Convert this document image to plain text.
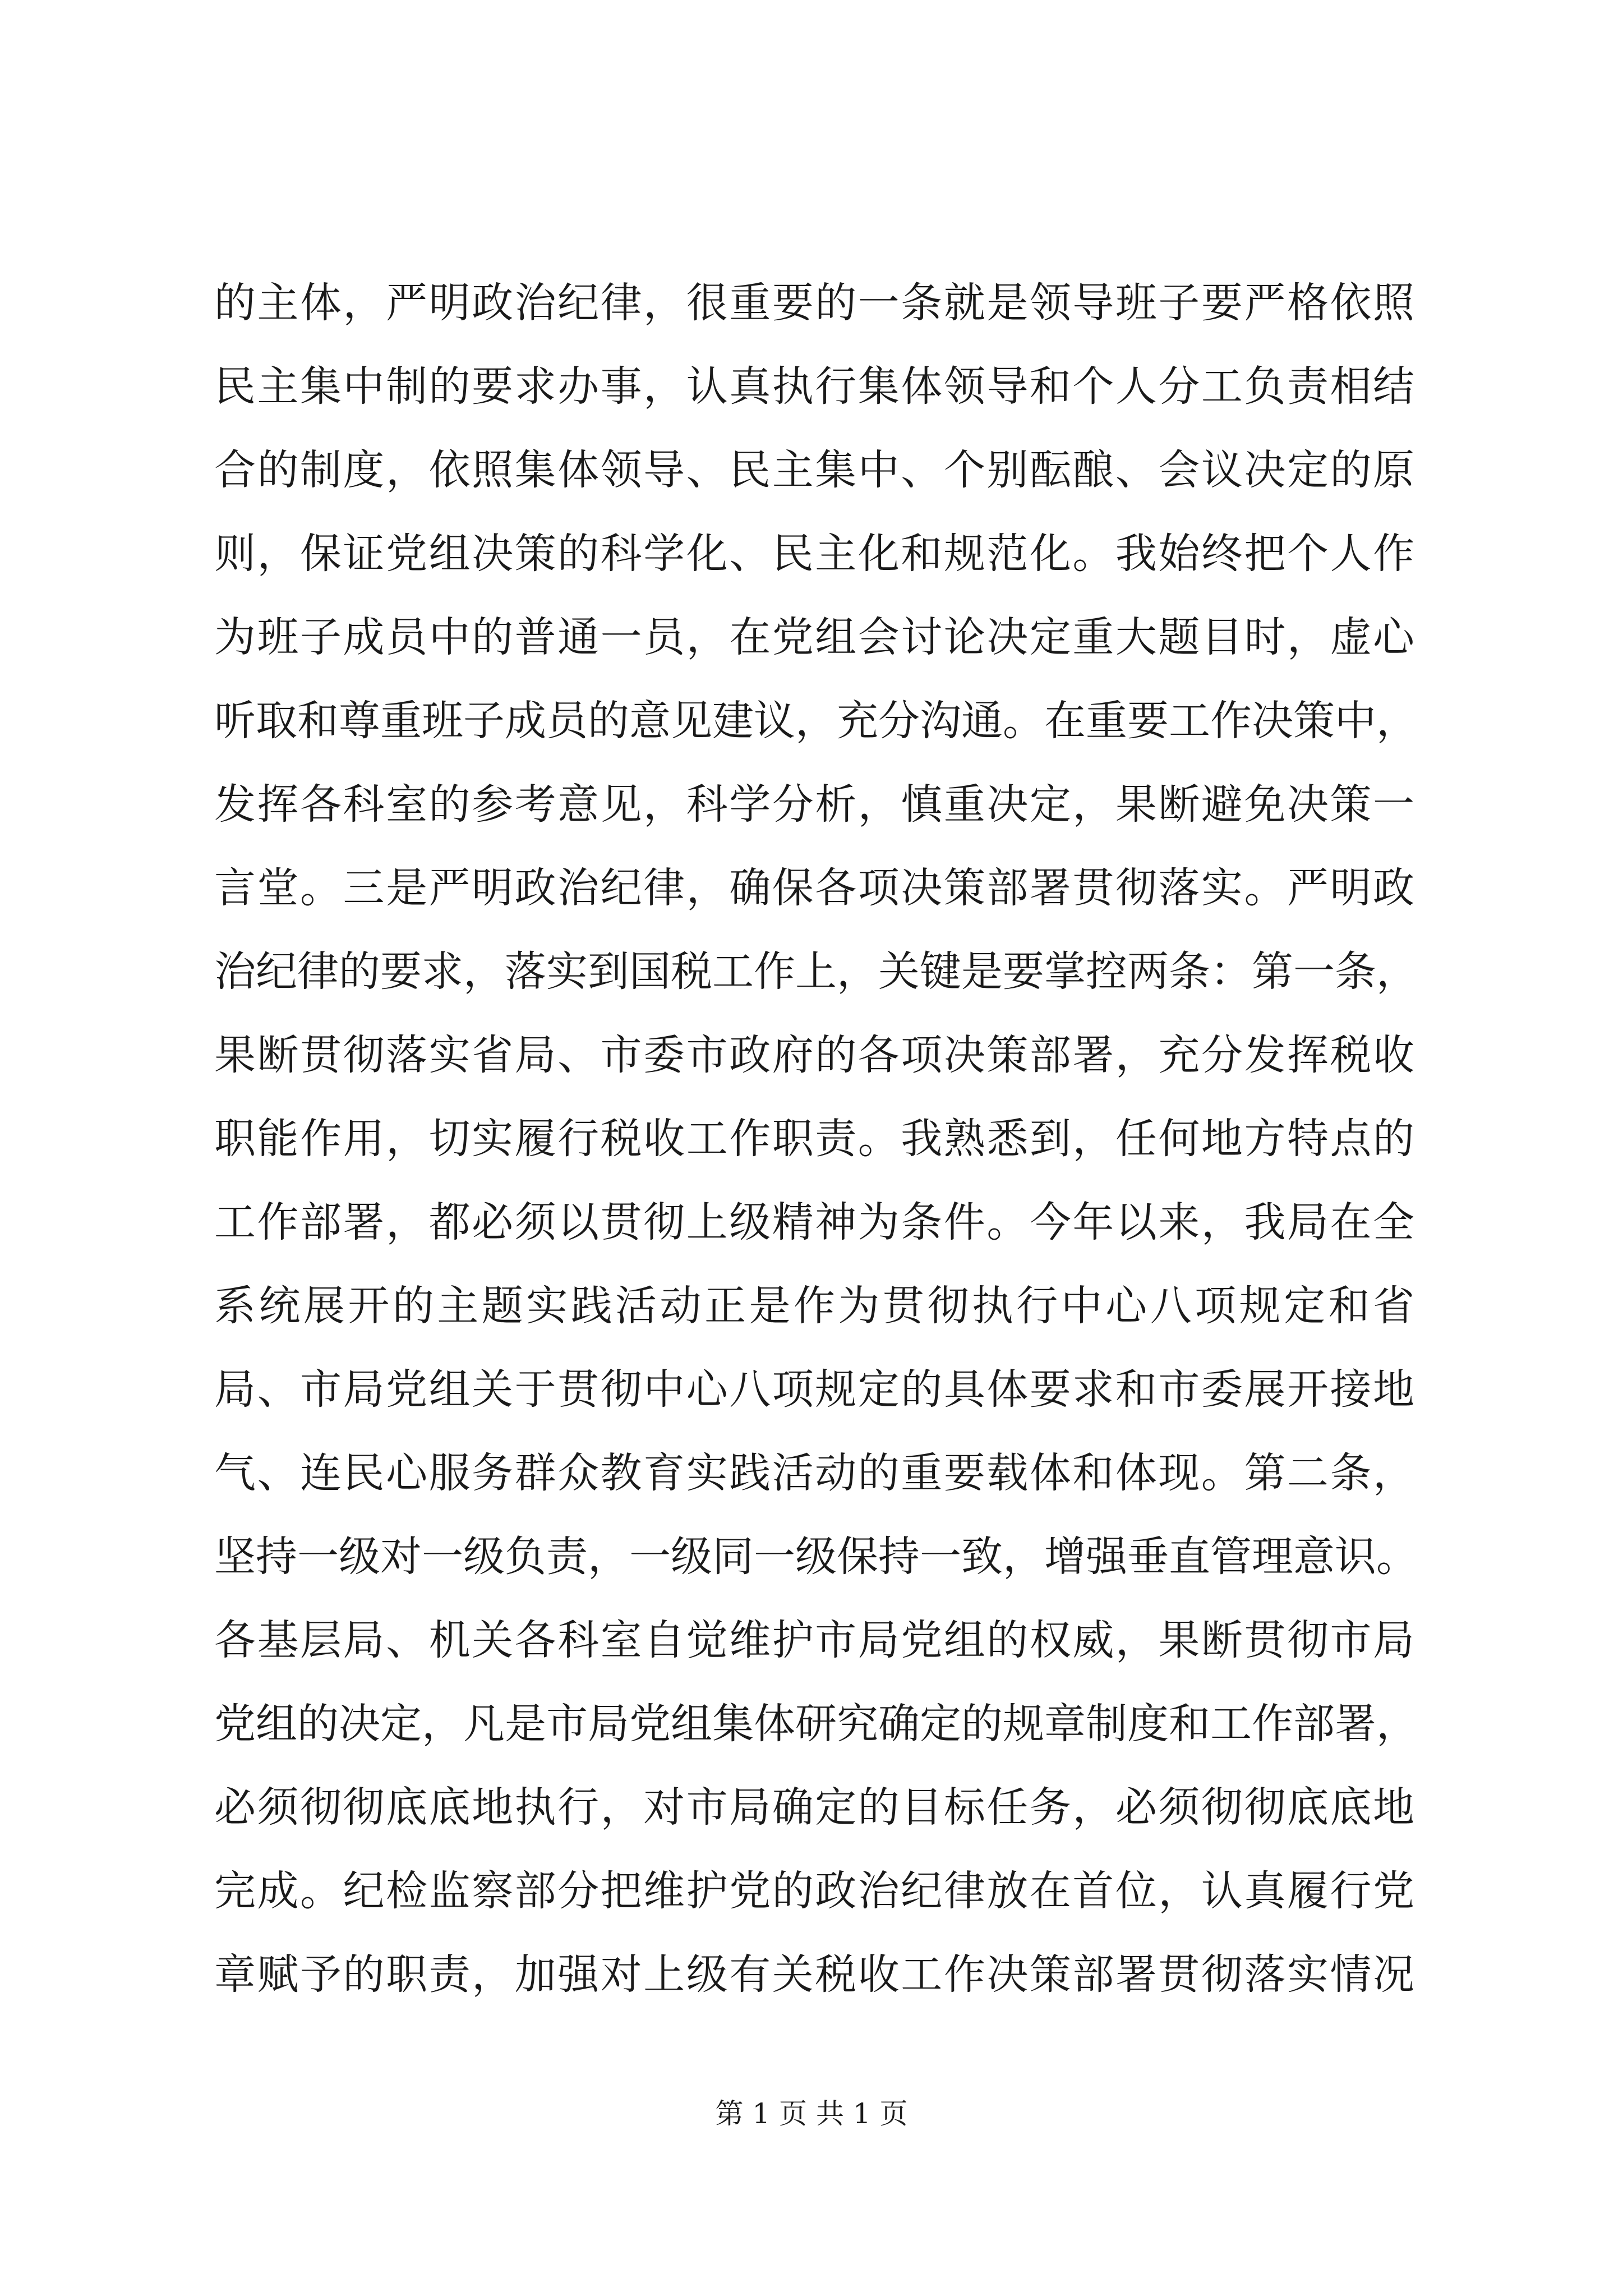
的主体，严明政治纪律，很重要的一条就是领导班子要严格依照
民主集中制的要求办事，认真执行集体领导和个人分工负责相结
合的制度，依照集体领导、民主集中、个别酝酿、会议决定的原
则，保证党组决策的科学化、民主化和规范化。我始终把个人作
为班子成员中的普通一员，在党组会讨论决定重大题目时，虚心
听取和尊重班子成员的意见建议，充分沟通。在重要工作决策中，
发挥各科室的参考意见，科学分析，慎重决定，果断避免决策一
言堂。三是严明政治纪律，确保各项决策部署贯彻落实。严明政
治纪律的要求，落实到国税工作上，关键是要掌控两条：第一条，
果断贯彻落实省局、市委市政府的各项决策部署，充分发挥税收
职能作用，切实履行税收工作职责。我熟悉到，任何地方特点的
工作部署，都必须以贯彻上级精神为条件。今年以来，我局在全
系统展开的主题实践活动正是作为贯彻执行中心八项规定和省
局、市局党组关于贯彻中心八项规定的具体要求和市委展开接地
气、连民心服务群众教育实践活动的重要载体和体现。第二条，
坚持一级对一级负责，一级同一级保持一致，增强垂直管理意识。
各基层局、机关各科室自觉维护市局党组的权威，果断贯彻市局
党组的决定，凡是市局党组集体研究确定的规章制度和工作部署，
必须彻彻底底地执行，对市局确定的目标任务，必须彻彻底底地
完成。纪检监察部分把维护党的政治纪律放在首位，认真履行党
章赋予的职责，加强对上级有关税收工作决策部署贯彻落实情况
第 1 页 共 1 页
